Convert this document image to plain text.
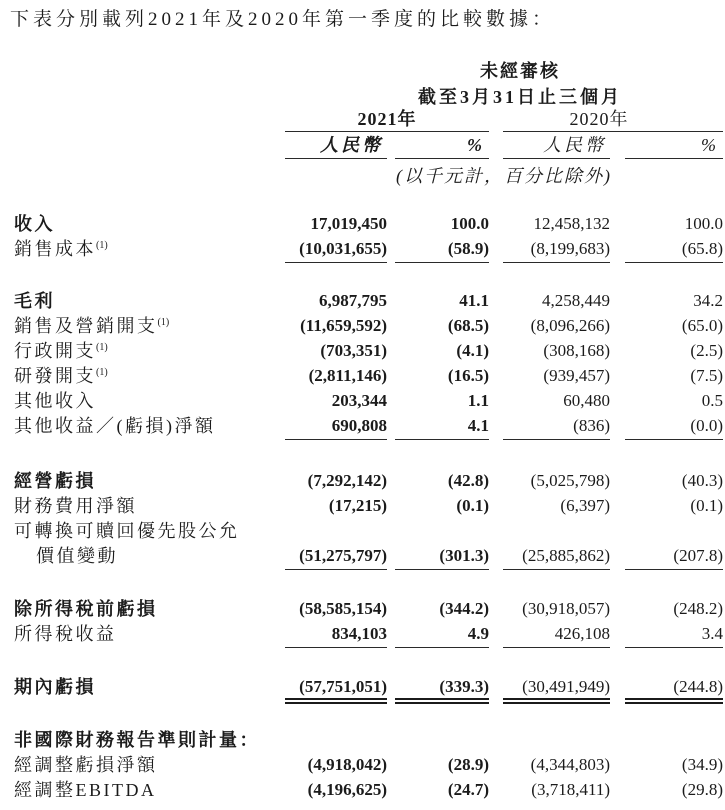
下表分別載列2021年及2020年第一季度的比較數據：
未經審核
截至3月31日止三個月
2021年	2020年
人民幣	%	人民幣	%
(以千元計，百分比除外)
收入	17,019,450	100.0	12,458,132	100.0
銷售成本$^{(1)}$	(10,031,655)	(58.9)	(8,199,683)	(65.8)
毛利	6,987,795	41.1	4,258,449	34.2
銷售及營銷開支$^{(1)}$	(11,659,592)	(68.5)	(8,096,266)	(65.0)
行政開支$^{(1)}$	(703,351)	(4.1)	(308,168)	(2.5)
研發開支$^{(1)}$	(2,811,146)	(16.5)	(939,457)	(7.5)
其他收入	203,344	1.1	60,480	0.5
其他收益／(虧損)淨額	690,808	4.1	(836)	(0.0)
經營虧損	(7,292,142)	(42.8)	(5,025,798)	(40.3)
財務費用淨額	(17,215)	(0.1)	(6,397)	(0.1)
可轉換可贖回優先股公允
價值變動	(51,275,797)	(301.3)	(25,885,862)	(207.8)
除所得稅前虧損	(58,585,154)	(344.2)	(30,918,057)	(248.2)
所得稅收益	834,103	4.9	426,108	3.4
期內虧損	(57,751,051)	(339.3)	(30,491,949)	(244.8)
非國際財務報告準則計量：
經調整虧損淨額	(4,918,042)	(28.9)	(4,344,803)	(34.9)
經調整EBITDA	(4,196,625)	(24.7)	(3,718,411)	(29.8)
